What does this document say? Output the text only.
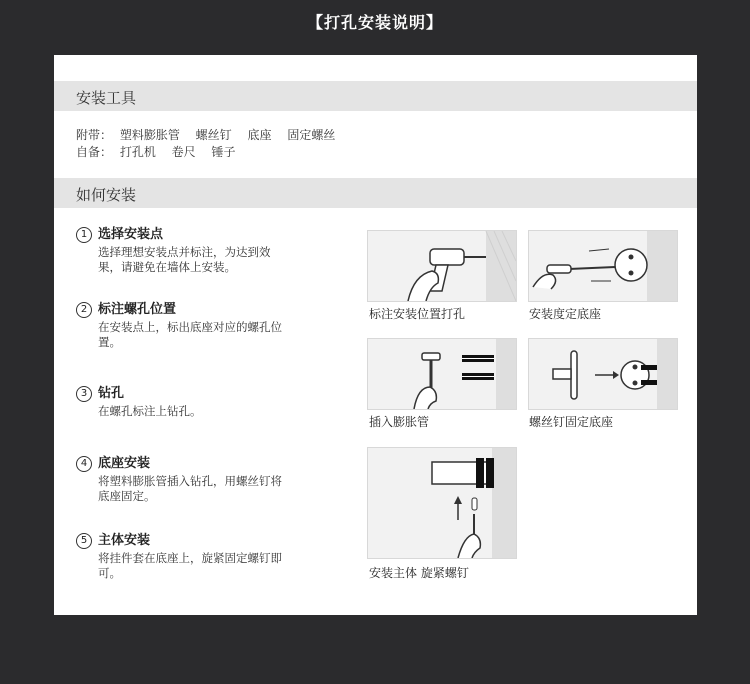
【打孔安装说明】
安装工具
附带： 塑料膨胀管 螺丝钉 底座 固定螺丝
自备： 打孔机 卷尺 锤子
如何安装
1 选择安装点
选择理想安装点并标注，为达到效果，请避免在墙体上安装。
2 标注螺孔位置
在安装点上，标出底座对应的螺孔位置。
3 钻孔
在螺孔标注上钻孔。
4 底座安装
将塑料膨胀管插入钻孔，用螺丝钉将底座固定。
5 主体安装
将挂件套在底座上，旋紧固定螺钉即可。
标注安装位置打孔	安装度定底座
插入膨胀管	螺丝钉固定底座
安装主体 旋紧螺钉
